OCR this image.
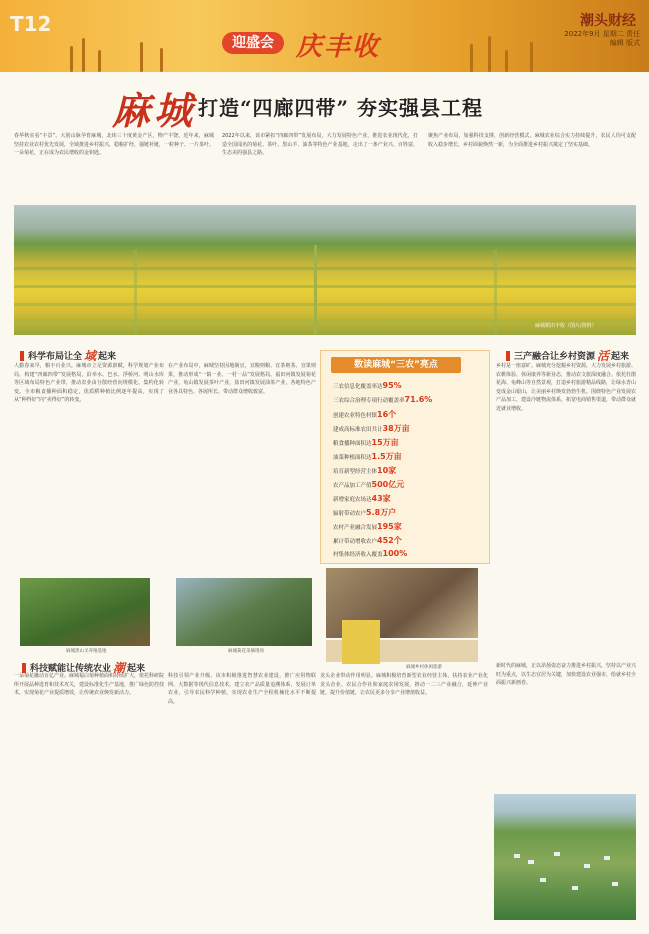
T12
迎盛会 庆丰收
潮头财经
2022年9月 星期二 责任编辑 版式
麻城 打造“四廊四带” 夯实强县工程
春华秋实看“丰景”，大别山脉孕育麻城，北纬三十度黄金产区，物产丰饶。近年来，麻城坚持农业农村优先发展，全域推进乡村振兴，稳粮扩经，强链补链，一粒种子、一片茶叶、一朵菊花，正在成为农民增收的金钥匙。
2022年以来，该市紧扣“四廊四带”发展布局，大力发展特色产业，推进农业现代化，打造全国闻名的菊花、茶叶、黑山羊、油茶等特色产业基地，走出了一条产业兴、百姓富、生态美的强县之路。
聚焦产业布局，加强科技支撑，创新经营模式，麻城农业综合实力持续提升，农民人均可支配收入稳步增长，乡村面貌焕然一新，为全面推进乡村振兴奠定了坚实基础。
麻城稻田丰收（图片/资料）
科学布局让全 域 起来
人勤春来早，粮丰百业兴。麻城市立足资源禀赋，科学规划产业布局，构建“四廊四带”发展格局，沿举水、巴水、浮桥河、明山水库等区域布局特色产业带，推动农业由分散经营向规模化、集约化转变。全市粮食播种面积稳定，优质稻种植比例逐年提高，实现了从“种得好”向“卖得好”的转变。
在产业布局中，麻城坚持因地制宜，宜粮则粮、宜茶则茶、宜果则果，推动形成“一镇一业、一村一品”发展格局。福田河镇发展菊花产业，龟山镇发展茶叶产业，盐田河镇发展油茶产业，各地特色产业各具特色、各展所长，带动群众增收致富。
数读麻城“三农”亮点
三农信息化覆盖率达95%
三农综合治理专项行动覆盖率71.6%
创建农业特色村镇16个
建成高标准农田共计38万亩
粮食播种面积达15万亩
油菜种植面积达1.5万亩
培育新型经营主体10家
农产品加工产值500亿元
新增家庭农场达43家
辐射带动农户5.8万户
农村产业融合发展195家
累计带动增收农户452个
村集体经济收入覆盖100%
三产融合让乡村资源 活 起来
乡村是一座富矿。麻城充分挖掘乡村资源，大力发展乡村旅游、农耕体验、休闲康养等新业态，推动农文旅深度融合。依托杜鹃花海、龟峰山等自然景观，打造乡村旅游精品线路，让绿水青山变成金山银山，让美丽乡村焕发勃勃生机。围绕特色产业发展农产品加工，建设冷链物流体系，拓宽电商销售渠道，带动群众就近就业增收。
新时代的麻城，正以昂扬姿态奋力推进乡村振兴，坚持以产业兴旺为重点，以生态宜居为关键，加快建设农业强市，绘就乡村全面振兴新画卷。
麻城黑山羊养殖基地	麻城菊花采摘现场
麻城乡村休闲旅游
科技赋能让传统农业 潮 起来
一朵菊花撬动百亿产业。麻城福白菊种植面积持续扩大，依托科研院所开展品种选育和技术攻关，建设标准化生产基地，推广绿色防控技术，实现菊花产业提质增效，让传统农业焕发新活力。
科技引领产业升级。该市积极推进智慧农业建设，推广应用物联网、大数据等现代信息技术，建立农产品质量追溯体系，发展订单农业，引导农民科学种植，实现农业生产全程机械化水平不断提高。
龙头企业带动作用明显。麻城积极培育新型农业经营主体，扶持农业产业化龙头企业、农民合作社和家庭农场发展，推动一二三产业融合，延伸产业链、提升价值链，让农民更多分享产业增值收益。
